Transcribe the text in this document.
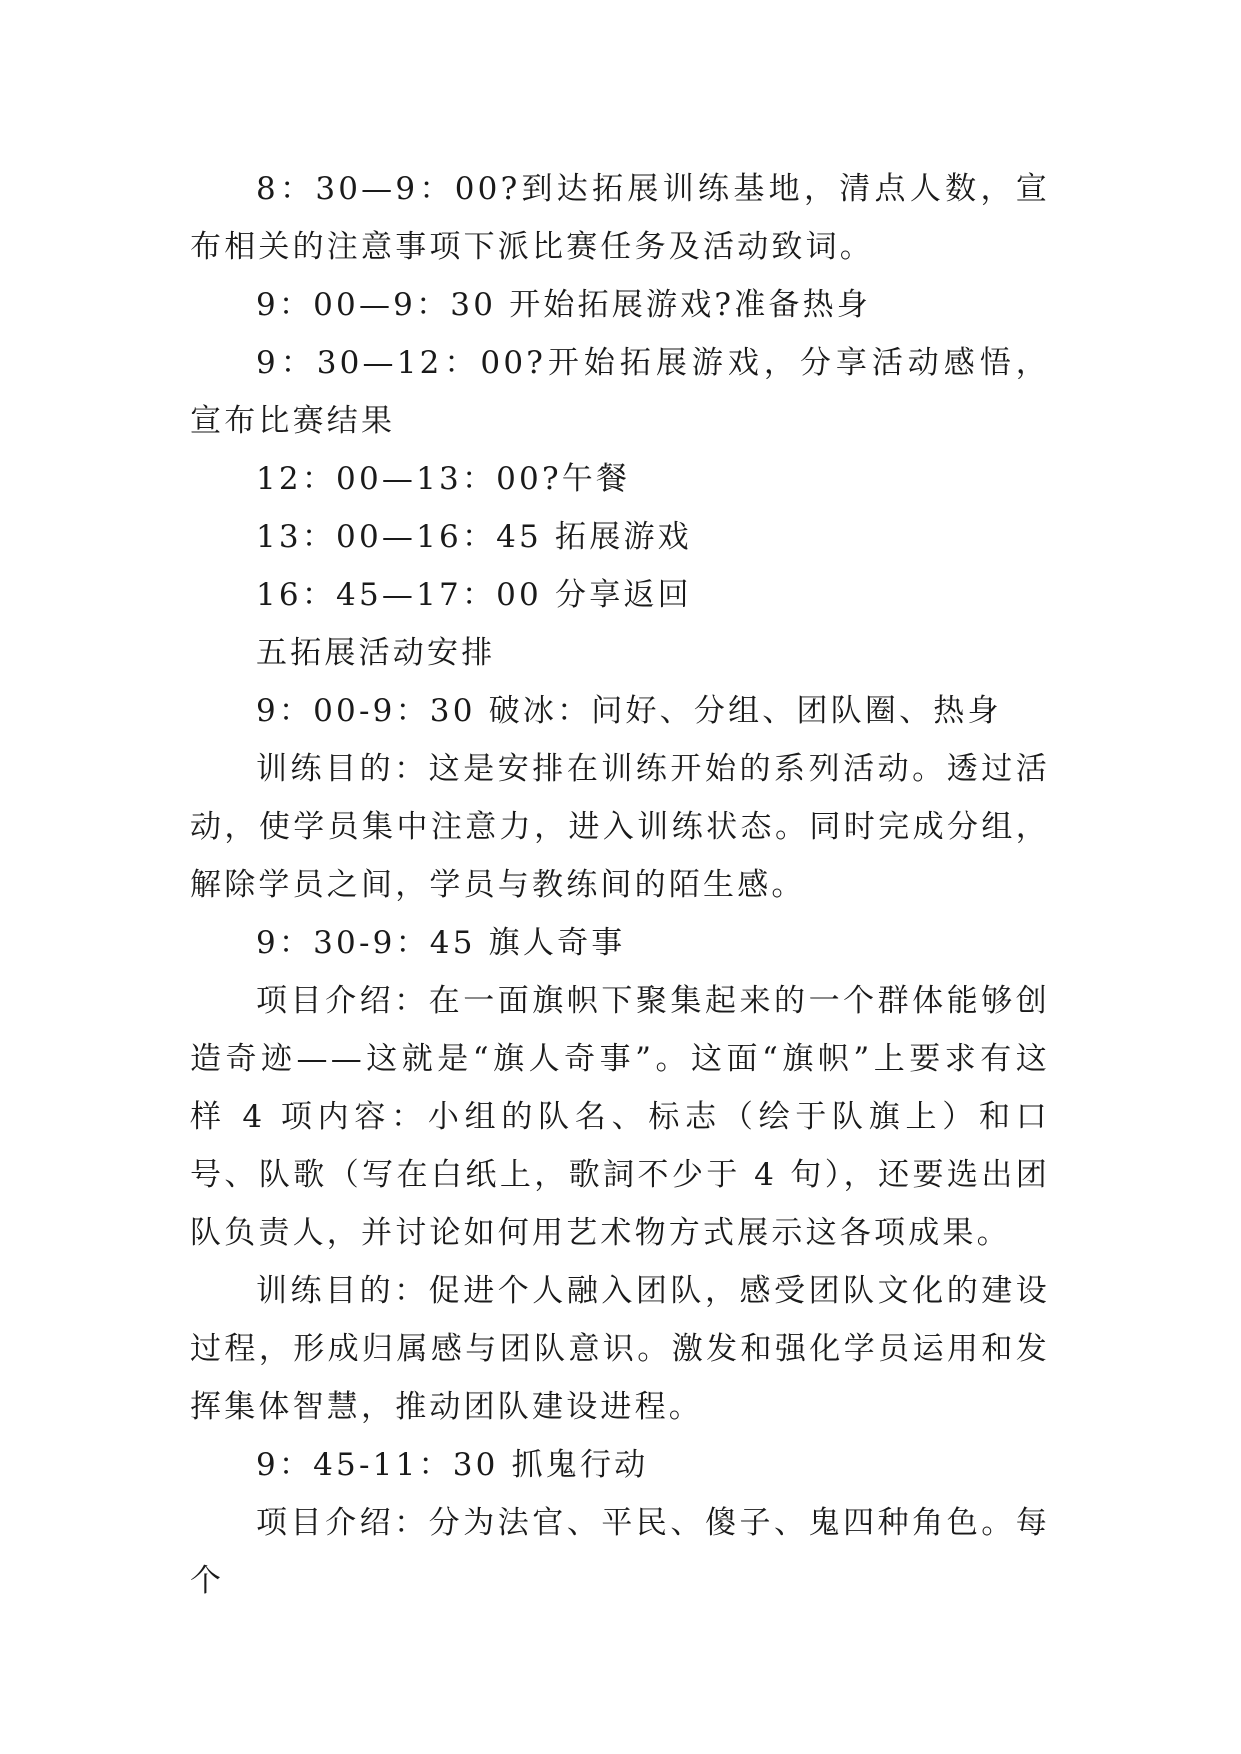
8：30—9：00?到达拓展训练基地，清点人数，宣布相关的注意事项下派比赛任务及活动致词。

9：00—9：30 开始拓展游戏?准备热身

9：30—12：00?开始拓展游戏，分享活动感悟，宣布比赛结果

12：00—13：00?午餐

13：00—16：45 拓展游戏

16：45—17：00 分享返回

五拓展活动安排

9：00-9：30 破冰：问好、分组、团队圈、热身

训练目的：这是安排在训练开始的系列活动。透过活动，使学员集中注意力，进入训练状态。同时完成分组，解除学员之间，学员与教练间的陌生感。

9：30-9：45 旗人奇事

项目介绍：在一面旗帜下聚集起来的一个群体能够创造奇迹——这就是“旗人奇事”。这面“旗帜”上要求有这样 4 项内容：小组的队名、标志（绘于队旗上）和口号、队歌（写在白纸上，歌詞不少于 4 句），还要选出团队负责人，并讨论如何用艺术物方式展示这各项成果。

训练目的：促进个人融入团队，感受团队文化的建设过程，形成归属感与团队意识。激发和强化学员运用和发挥集体智慧，推动团队建设进程。

9：45-11：30 抓鬼行动

项目介绍：分为法官、平民、傻子、鬼四种角色。每个
